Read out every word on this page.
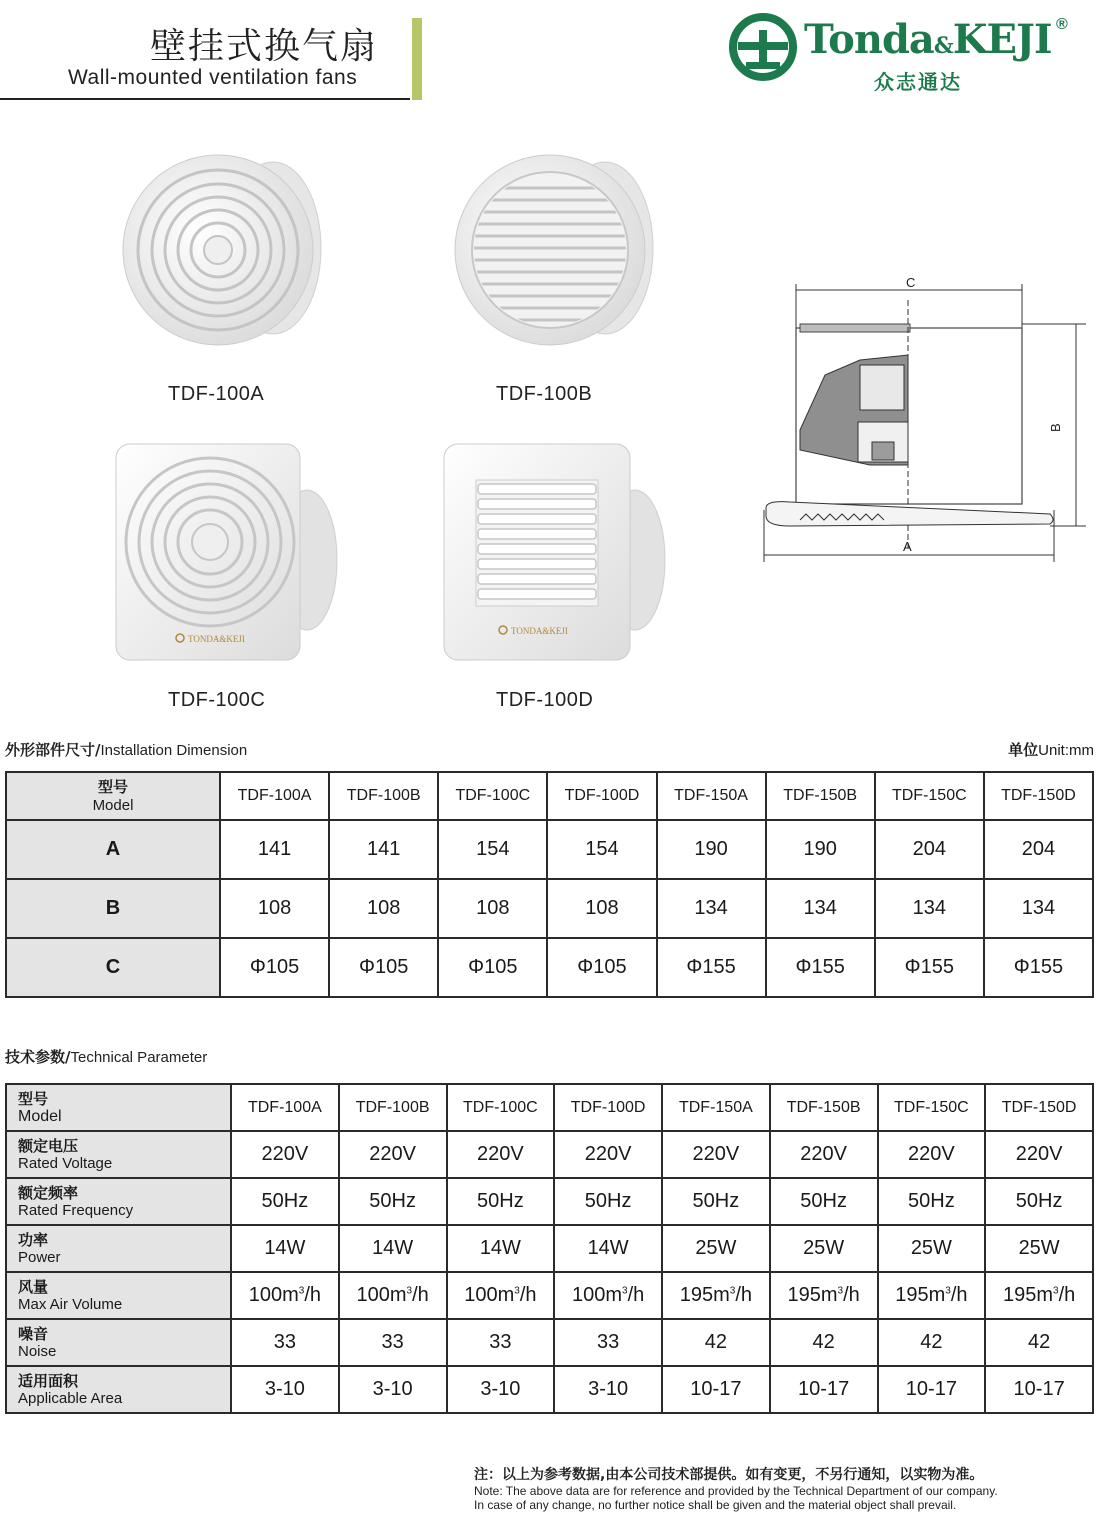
壁挂式换气扇
Wall-mounted ventilation fans
Tonda&KEJI ®
众志通达
TDF-100A	TDF-100B
TONDA&KEJI
TDF-100C
TONDA&KEJI
TDF-100D
C
A
B
外形部件尺寸/Installation Dimension	单位Unit:mm
型号
Model	TDF-100A	TDF-100B	TDF-100C	TDF-100D	TDF-150A	TDF-150B	TDF-150C	TDF-150D
A	141	141	154	154	190	190	204	204
B	108	108	108	108	134	134	134	134
C	Φ105	Φ105	Φ105	Φ105	Φ155	Φ155	Φ155	Φ155
技术参数/Technical Parameter
型号
Model	TDF-100A	TDF-100B	TDF-100C	TDF-100D	TDF-150A	TDF-150B	TDF-150C	TDF-150D

额定电压
Rated Voltage	220V	220V	220V	220V	220V	220V	220V	220V

额定频率
Rated Frequency	50Hz	50Hz	50Hz	50Hz	50Hz	50Hz	50Hz	50Hz

功率
Power	14W	14W	14W	14W	25W	25W	25W	25W

风量
Max Air Volume	$100m^3/h$	$100m^3/h$	$100m^3/h$	$100m^3/h$	$195m^3/h$	$195m^3/h$	$195m^3/h$	$195m^3/h$

噪音
Noise	33	33	33	33	42	42	42	42

适用面积
Applicable Area	3-10	3-10	3-10	3-10	10-17	10-17	10-17	10-17
注：以上为参考数据,由本公司技术部提供。如有变更，不另行通知，以实物为准。
Note: The above data are for reference and provided by the Technical Department of our company.
In case of any change, no further notice shall be given and the material object shall prevail.
